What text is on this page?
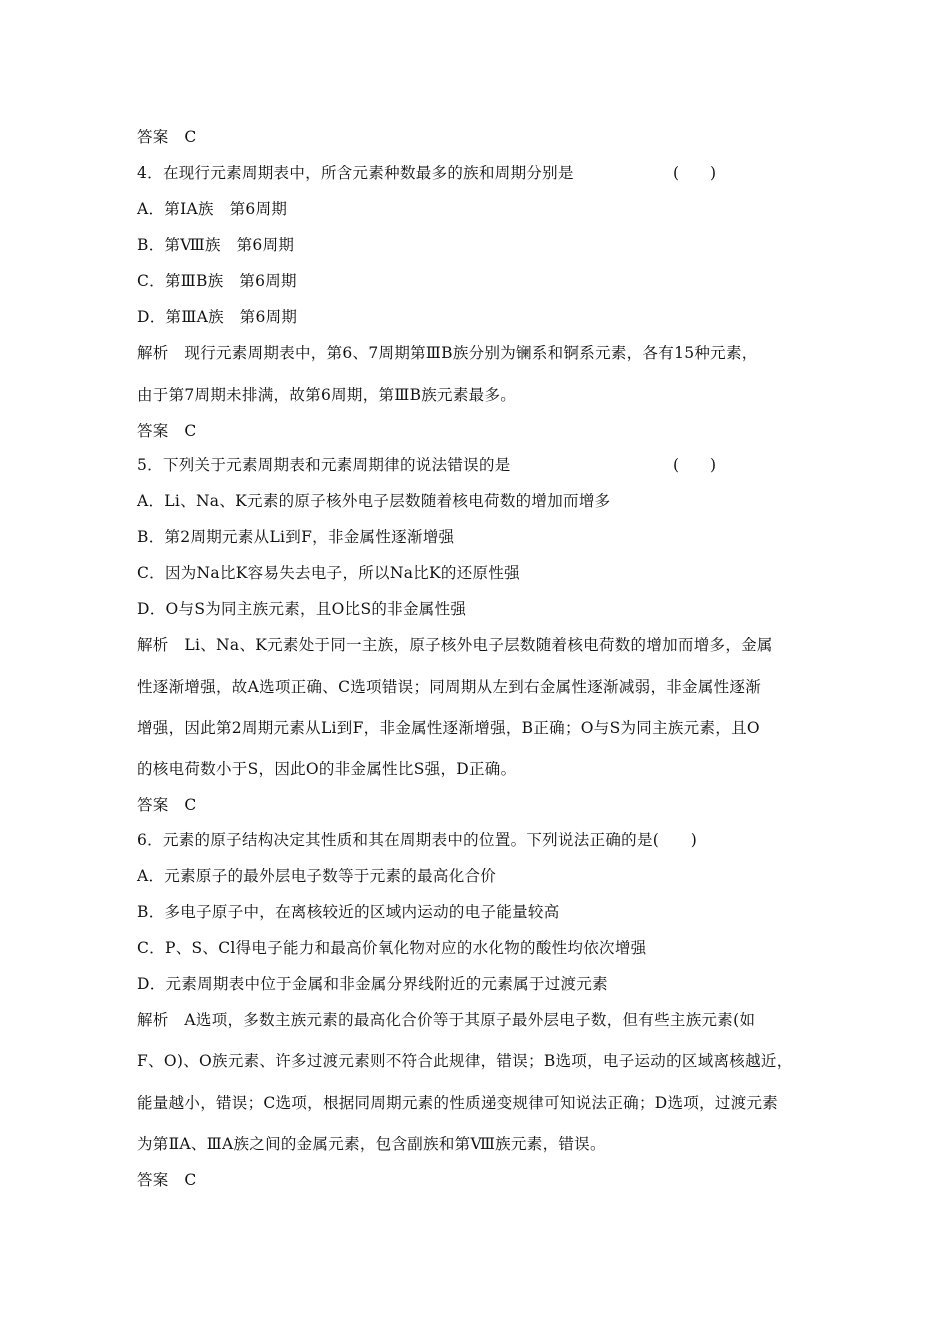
答案　C
4．在现行元素周期表中，所含元素种数最多的族和周期分别是	(　　)
A．第ⅠA族　第6周期
B．第Ⅷ族　第6周期
C．第ⅢB族　第6周期
D．第ⅢA族　第6周期
解析　现行元素周期表中，第6、7周期第ⅢB族分别为镧系和锕系元素，各有15种元素，
由于第7周期未排满，故第6周期，第ⅢB族元素最多。
答案　C
5．下列关于元素周期表和元素周期律的说法错误的是	(　　)
A．Li、Na、K元素的原子核外电子层数随着核电荷数的增加而增多
B．第2周期元素从Li到F，非金属性逐渐增强
C．因为Na比K容易失去电子，所以Na比K的还原性强
D．O与S为同主族元素，且O比S的非金属性强
解析　Li、Na、K元素处于同一主族，原子核外电子层数随着核电荷数的增加而增多，金属
性逐渐增强，故A选项正确、C选项错误；同周期从左到右金属性逐渐减弱，非金属性逐渐
增强，因此第2周期元素从Li到F，非金属性逐渐增强，B正确；O与S为同主族元素，且O
的核电荷数小于S，因此O的非金属性比S强，D正确。
答案　C
6．元素的原子结构决定其性质和其在周期表中的位置。下列说法正确的是(　　)
A．元素原子的最外层电子数等于元素的最高化合价
B．多电子原子中，在离核较近的区域内运动的电子能量较高
C．P、S、Cl得电子能力和最高价氧化物对应的水化物的酸性均依次增强
D．元素周期表中位于金属和非金属分界线附近的元素属于过渡元素
解析　A选项，多数主族元素的最高化合价等于其原子最外层电子数，但有些主族元素(如
F、O)、O族元素、许多过渡元素则不符合此规律，错误；B选项，电子运动的区域离核越近，
能量越小，错误；C选项，根据同周期元素的性质递变规律可知说法正确；D选项，过渡元素
为第ⅡA、ⅢA族之间的金属元素，包含副族和第Ⅷ族元素，错误。
答案　C
